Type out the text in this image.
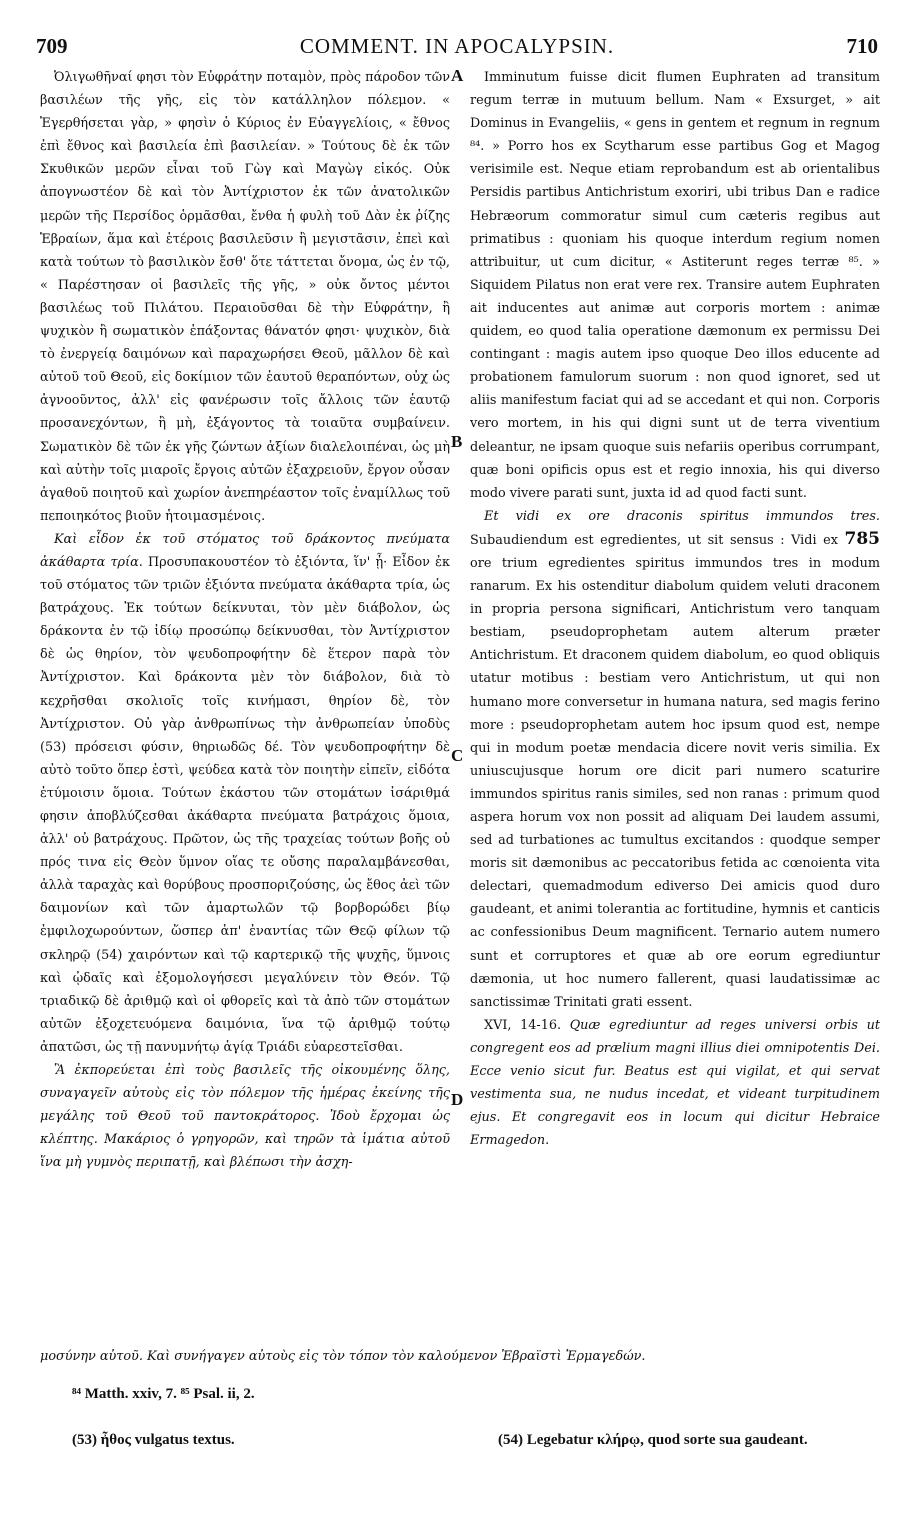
709	COMMENT. IN APOCALYPSIN.	710

Ὀλιγωθῆναί φησι τὸν Εὐφράτην ποταμὸν, πρὸς πάροδον τῶν βασιλέων τῆς γῆς, εἰς τὸν κατάλληλον πόλεμον. « Ἐγερθήσεται γὰρ, » φησὶν ὁ Κύριος ἐν Εὐαγγελίοις, « ἔθνος ἐπὶ ἔθνος καὶ βασιλεία ἐπὶ βασιλείαν. » Τούτους δὲ ἐκ τῶν Σκυθικῶν μερῶν εἶναι τοῦ Γὼγ καὶ Μαγὼγ εἰκός. Οὐκ ἀπογνωστέον δὲ καὶ τὸν Ἀντίχριστον ἐκ τῶν ἀνατολικῶν μερῶν τῆς Περσίδος ὁρμᾶσθαι, ἔνθα ἡ φυλὴ τοῦ Δὰν ἐκ ῥίζης Ἑβραίων, ἅμα καὶ ἑτέροις βασιλεῦσιν ἢ μεγιστᾶσιν, ἐπεὶ καὶ κατὰ τούτων τὸ βασιλικὸν ἔσθ' ὅτε τάττεται ὄνομα, ὡς ἐν τῷ, « Παρέστησαν οἱ βασιλεῖς τῆς γῆς, » οὐκ ὄντος μέντοι βασιλέως τοῦ Πιλάτου. Περαιοῦσθαι δὲ τὴν Εὐφράτην, ἢ ψυχικὸν ἢ σωματικὸν ἐπάξοντας θάνατόν φησι· ψυχικὸν, διὰ τὸ ἐνεργείᾳ δαιμόνων καὶ παραχωρήσει Θεοῦ, μᾶλλον δὲ καὶ αὐτοῦ τοῦ Θεοῦ, εἰς δοκίμιον τῶν ἑαυτοῦ θεραπόντων, οὐχ ὡς ἀγνοοῦντος, ἀλλ' εἰς φανέρωσιν τοῖς ἄλλοις τῶν ἑαυτῷ προσανεχόντων, ἢ μὴ, ἐξάγοντος τὰ τοιαῦτα συμβαίνειν. Σωματικὸν δὲ τῶν ἐκ γῆς ζώντων ἀξίων διαλελοιπέναι, ὡς μὴ καὶ αὐτὴν τοῖς μιαροῖς ἔργοις αὐτῶν ἐξαχρειοῦν, ἔργον οὖσαν ἀγαθοῦ ποιητοῦ καὶ χωρίον ἀνεπηρέαστον τοῖς ἐναμίλλως τοῦ πεποιηκότος βιοῦν ἡτοιμασμένοις.

Καὶ εἶδον ἐκ τοῦ στόματος τοῦ δράκοντος πνεύματα ἀκάθαρτα τρία. Προσυπακουστέον τὸ ἐξιόντα, ἵν' ᾖ· Εἶδον ἐκ τοῦ στόματος τῶν τριῶν ἐξιόντα πνεύματα ἀκάθαρτα τρία, ὡς βατράχους. Ἐκ τούτων δείκνυται, τὸν μὲν διάβολον, ὡς δράκοντα ἐν τῷ ἰδίῳ προσώπῳ δείκνυσθαι, τὸν Ἀντίχριστον δὲ ὡς θηρίον, τὸν ψευδοπροφήτην δὲ ἕτερον παρὰ τὸν Ἀντίχριστον. Καὶ δράκοντα μὲν τὸν διάβολον, διὰ τὸ κεχρῆσθαι σκολιοῖς τοῖς κινήμασι, θηρίον δὲ, τὸν Ἀντίχριστον. Οὐ γὰρ ἀνθρωπίνως τὴν ἀνθρωπείαν ὑποδὺς (53) πρόσεισι φύσιν, θηριωδῶς δέ. Τὸν ψευδοπροφήτην δὲ αὐτὸ τοῦτο ὅπερ ἐστὶ, ψεύδεα κατὰ τὸν ποιητὴν εἰπεῖν, εἰδότα ἐτύμοισιν ὅμοια. Τούτων ἑκάστου τῶν στομάτων ἰσάριθμά φησιν ἀποβλύζεσθαι ἀκάθαρτα πνεύματα βατράχοις ὅμοια, ἀλλ' οὐ βατράχους. Πρῶτον, ὡς τῆς τραχείας τούτων βοῆς οὐ πρός τινα εἰς Θεὸν ὕμνον οἵας τε οὔσης παραλαμβάνεσθαι, ἀλλὰ ταραχὰς καὶ θορύβους προσποριζούσης, ὡς ἔθος ἀεὶ τῶν δαιμονίων καὶ τῶν ἁμαρτωλῶν τῷ βορβορώδει βίῳ ἐμφιλοχωρούντων, ὥσπερ ἀπ' ἐναντίας τῶν Θεῷ φίλων τῷ σκληρῷ (54) χαιρόντων καὶ τῷ καρτερικῷ τῆς ψυχῆς, ὕμνοις καὶ ᾠδαῖς καὶ ἐξομολογήσεσι μεγαλύνειν τὸν Θεόν. Τῷ τριαδικῷ δὲ ἀριθμῷ καὶ οἱ φθορεῖς καὶ τὰ ἀπὸ τῶν στομάτων αὐτῶν ἐξοχετευόμενα δαιμόνια, ἵνα τῷ ἀριθμῷ τούτῳ ἀπατῶσι, ὡς τῇ πανυμνήτῳ ἁγίᾳ Τριάδι εὐαρεστεῖσθαι.

Ἃ ἐκπορεύεται ἐπὶ τοὺς βασιλεῖς τῆς οἰκουμένης ὅλης, συναγαγεῖν αὐτοὺς εἰς τὸν πόλεμον τῆς ἡμέρας ἐκείνης τῆς μεγάλης τοῦ Θεοῦ τοῦ παντοκράτορος. Ἰδοὺ ἔρχομαι ὡς κλέπτης. Μακάριος ὁ γρηγορῶν, καὶ τηρῶν τὰ ἱμάτια αὐτοῦ ἵνα μὴ γυμνὸς περιπατῇ, καὶ βλέπωσι τὴν ἀσχη-

Imminutum fuisse dicit flumen Euphraten ad transitum regum terræ in mutuum bellum. Nam « Exsurget, » ait Dominus in Evangeliis, « gens in gentem et regnum in regnum ⁸⁴. » Porro hos ex Scytharum esse partibus Gog et Magog verisimile est. Neque etiam reprobandum est ab orientalibus Persidis partibus Antichristum exoriri, ubi tribus Dan e radice Hebræorum commoratur simul cum cæteris regibus aut primatibus : quoniam his quoque interdum regium nomen attribuitur, ut cum dicitur, « Astiterunt reges terræ ⁸⁵. » Siquidem Pilatus non erat vere rex. Transire autem Euphraten ait inducentes aut animæ aut corporis mortem : animæ quidem, eo quod talia operatione dæmonum ex permissu Dei contingant : magis autem ipso quoque Deo illos educente ad probationem famulorum suorum : non quod ignoret, sed ut aliis manifestum faciat qui ad se accedant et qui non. Corporis vero mortem, in his qui digni sunt ut de terra viventium deleantur, ne ipsam quoque suis nefariis operibus corrumpant, quæ boni opificis opus est et regio innoxia, his qui diverso modo vivere parati sunt, juxta id ad quod facti sunt.

Et vidi ex ore draconis spiritus immundos tres. Subaudiendum est egredientes, ut sit sensus : Vidi ex 785 ore trium egredientes spiritus immundos tres in modum ranarum. Ex his ostenditur diabolum quidem veluti draconem in propria persona significari, Antichristum vero tanquam bestiam, pseudoprophetam autem alterum præter Antichristum. Et draconem quidem diabolum, eo quod obliquis utatur motibus : bestiam vero Antichristum, ut qui non humano more conversetur in humana natura, sed magis ferino more : pseudoprophetam autem hoc ipsum quod est, nempe qui in modum poetæ mendacia dicere novit veris similia. Ex uniuscujusque horum ore dicit pari numero scaturire immundos spiritus ranis similes, sed non ranas : primum quod aspera horum vox non possit ad aliquam Dei laudem assumi, sed ad turbationes ac tumultus excitandos : quodque semper moris sit dæmonibus ac peccatoribus fetida ac cœnoienta vita delectari, quemadmodum ediverso Dei amicis quod duro gaudeant, et animi tolerantia ac fortitudine, hymnis et canticis ac confessionibus Deum magnificent. Ternario autem numero sunt et corruptores et quæ ab ore eorum egrediuntur dæmonia, ut hoc numero fallerent, quasi laudatissimæ ac sanctissimæ Trinitati grati essent.

XVI, 14-16. Quæ egrediuntur ad reges universi orbis ut congregent eos ad prælium magni illius diei omnipotentis Dei. Ecce venio sicut fur. Beatus est qui vigilat, et qui servat vestimenta sua, ne nudus incedat, et videant turpitudinem ejus. Et congregavit eos in locum qui dicitur Hebraice Ermagedon.

A
B
C
D
μοσύνην αὐτοῦ. Καὶ συνήγαγεν αὐτοὺς εἰς τὸν τόπον τὸν καλούμενον Ἑβραϊστὶ Ἐρμαγεδών.
⁸⁴ Matth. xxiv, 7. ⁸⁵ Psal. ii, 2.
(53) ἦθος vulgatus textus.	(54) Legebatur κλήρῳ, quod sorte sua gaudeant.
